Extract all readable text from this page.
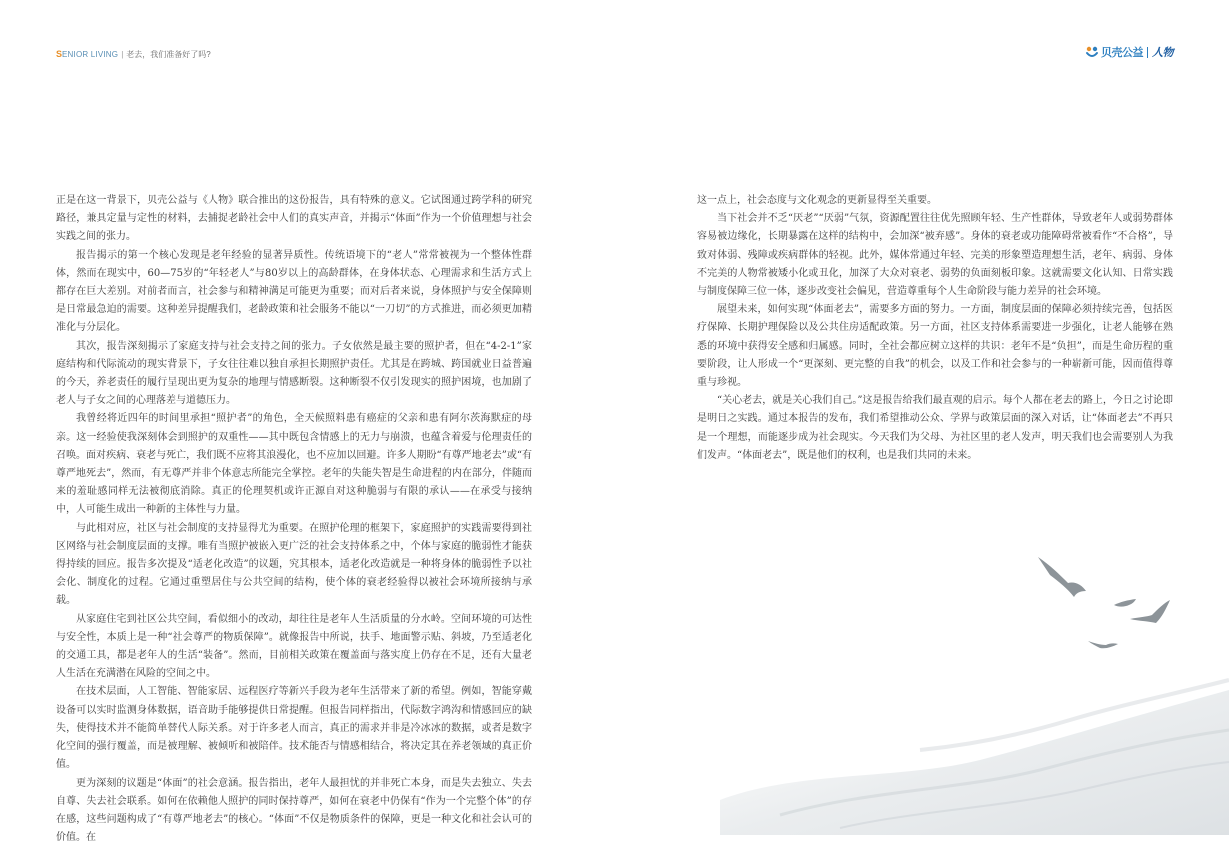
SENIOR LIVING | 老去，我们准备好了吗?	贝壳公益 人物

正是在这一背景下，贝壳公益与《人物》联合推出的这份报告，具有特殊的意义。它试图通过跨学科的研究路径，兼具定量与定性的材料，去捕捉老龄社会中人们的真实声音，并揭示“体面”作为一个价值理想与社会实践之间的张力。

报告揭示的第一个核心发现是老年经验的显著异质性。传统语境下的“老人”常常被视为一个整体性群体，然而在现实中，60—75岁的“年轻老人”与80岁以上的高龄群体，在身体状态、心理需求和生活方式上都存在巨大差别。对前者而言，社会参与和精神满足可能更为重要；而对后者来说，身体照护与安全保障则是日常最急迫的需要。这种差异提醒我们，老龄政策和社会服务不能以“一刀切”的方式推进，而必须更加精准化与分层化。

其次，报告深刻揭示了家庭支持与社会支持之间的张力。子女依然是最主要的照护者，但在“4-2-1”家庭结构和代际流动的现实背景下，子女往往难以独自承担长期照护责任。尤其是在跨城、跨国就业日益普遍的今天，养老责任的履行呈现出更为复杂的地理与情感断裂。这种断裂不仅引发现实的照护困境，也加剧了老人与子女之间的心理落差与道德压力。

我曾经将近四年的时间里承担“照护者”的角色，全天候照料患有癌症的父亲和患有阿尔茨海默症的母亲。这一经验使我深刻体会到照护的双重性——其中既包含情感上的无力与崩溃，也蕴含着爱与伦理责任的召唤。面对疾病、衰老与死亡，我们既不应将其浪漫化，也不应加以回避。许多人期盼“有尊严地老去”或“有尊严地死去”，然而，有无尊严并非个体意志所能完全掌控。老年的失能失智是生命进程的内在部分，伴随而来的羞耻感同样无法被彻底消除。真正的伦理契机或许正源自对这种脆弱与有限的承认——在承受与接纳中，人可能生成出一种新的主体性与力量。

与此相对应，社区与社会制度的支持显得尤为重要。在照护伦理的框架下，家庭照护的实践需要得到社区网络与社会制度层面的支撑。唯有当照护被嵌入更广泛的社会支持体系之中，个体与家庭的脆弱性才能获得持续的回应。报告多次提及“适老化改造”的议题，究其根本，适老化改造就是一种将身体的脆弱性予以社会化、制度化的过程。它通过重塑居住与公共空间的结构，使个体的衰老经验得以被社会环境所接纳与承载。

从家庭住宅到社区公共空间，看似细小的改动，却往往是老年人生活质量的分水岭。空间环境的可达性与安全性，本质上是一种“社会尊严的物质保障”。就像报告中所说，扶手、地面警示贴、斜坡，乃至适老化的交通工具，都是老年人的生活“装备”。然而，目前相关政策在覆盖面与落实度上仍存在不足，还有大量老人生活在充满潜在风险的空间之中。

在技术层面，人工智能、智能家居、远程医疗等新兴手段为老年生活带来了新的希望。例如，智能穿戴设备可以实时监测身体数据，语音助手能够提供日常提醒。但报告同样指出，代际数字鸿沟和情感回应的缺失，使得技术并不能简单替代人际关系。对于许多老人而言，真正的需求并非是冷冰冰的数据，或者是数字化空间的强行覆盖，而是被理解、被倾听和被陪伴。技术能否与情感相结合，将决定其在养老领域的真正价值。

更为深刻的议题是“体面”的社会意涵。报告指出，老年人最担忧的并非死亡本身，而是失去独立、失去自尊、失去社会联系。如何在依赖他人照护的同时保持尊严，如何在衰老中仍保有“作为一个完整个体”的存在感，这些问题构成了“有尊严地老去”的核心。“体面”不仅是物质条件的保障，更是一种文化和社会认可的价值。在

这一点上，社会态度与文化观念的更新显得至关重要。

当下社会并不乏“厌老”“厌弱”气氛，资源配置往往优先照顾年轻、生产性群体，导致老年人或弱势群体容易被边缘化，长期暴露在这样的结构中，会加深“被弃感”。身体的衰老或功能障碍常被看作“不合格”，导致对体弱、残障或疾病群体的轻视。此外，媒体常通过年轻、完美的形象塑造理想生活，老年、病弱、身体不完美的人物常被矮小化或丑化，加深了大众对衰老、弱势的负面刻板印象。这就需要文化认知、日常实践与制度保障三位一体，逐步改变社会偏见，营造尊重每个人生命阶段与能力差异的社会环境。

展望未来，如何实现“体面老去”，需要多方面的努力。一方面，制度层面的保障必须持续完善，包括医疗保障、长期护理保险以及公共住房适配政策。另一方面，社区支持体系需要进一步强化，让老人能够在熟悉的环境中获得安全感和归属感。同时，全社会都应树立这样的共识：老年不是“负担”，而是生命历程的重要阶段，让人形成一个“更深刻、更完整的自我”的机会，以及工作和社会参与的一种崭新可能，因而值得尊重与珍视。

“关心老去，就是关心我们自己。”这是报告给我们最直观的启示。每个人都在老去的路上，今日之讨论即是明日之实践。通过本报告的发布，我们希望推动公众、学界与政策层面的深入对话，让“体面老去”不再只是一个理想，而能逐步成为社会现实。今天我们为父母、为社区里的老人发声，明天我们也会需要别人为我们发声。“体面老去”，既是他们的权利，也是我们共同的未来。
